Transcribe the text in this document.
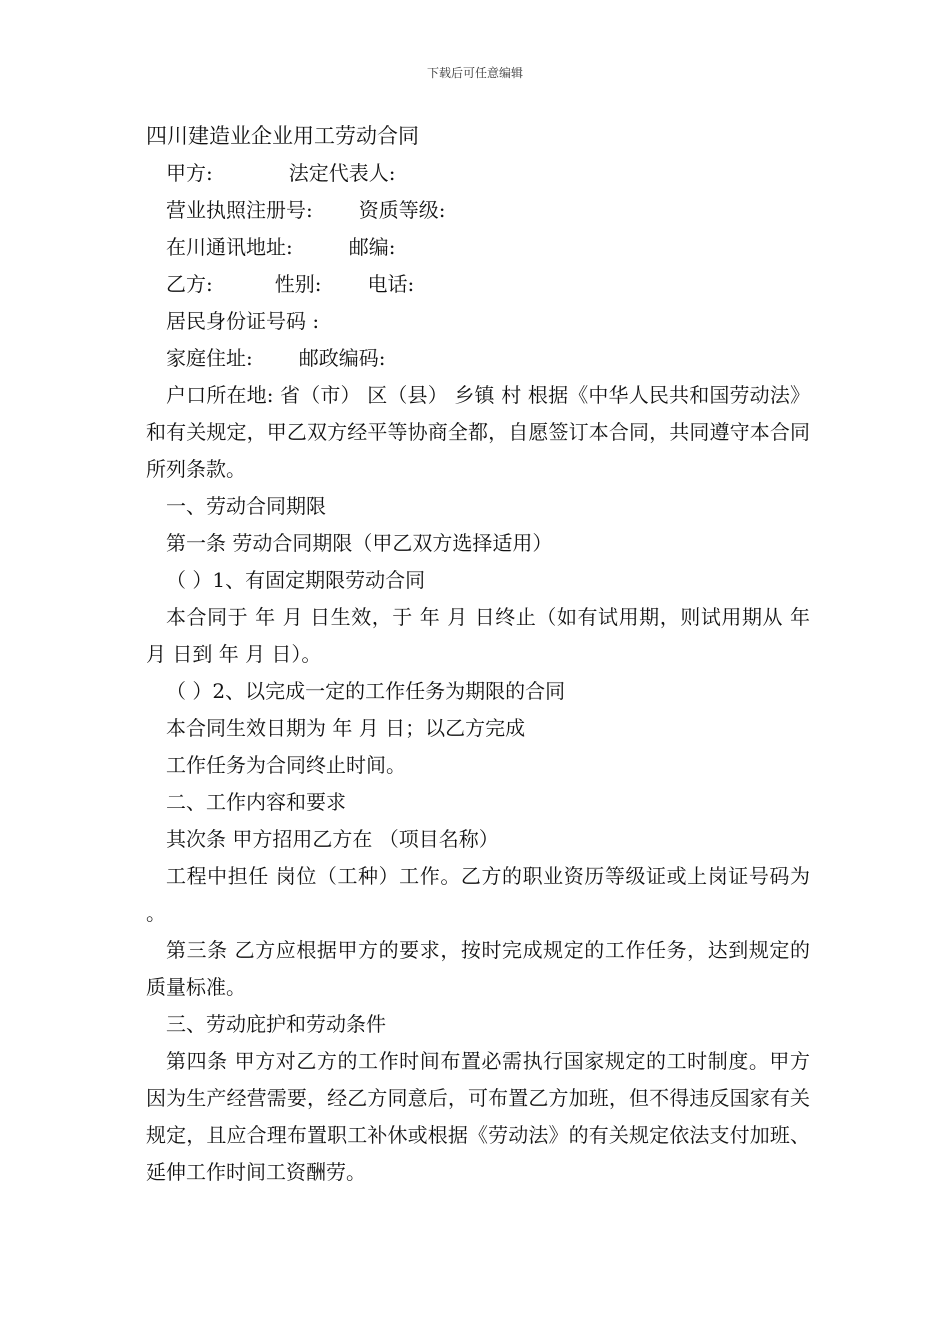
下载后可任意编辑
四川建造业企业用工劳动合同
甲方:	法定代表人:
营业执照注册号: 资质等级:
在川通讯地址:	邮编:
乙方:	性别: 电话:
居民身份证号码 :
家庭住址: 邮政编码:
户口所在地: 省（市） 区（县） 乡镇 村 根据《中华人民共和国劳动法》和有关规定，甲乙双方经平等协商全都，自愿签订本合同，共同遵守本合同所列条款。
一、劳动合同期限
第一条 劳动合同期限（甲乙双方选择适用）
（ ）1、有固定期限劳动合同
本合同于 年 月 日生效，于 年 月 日终止（如有试用期，则试用期从 年 月 日到 年 月 日）。
（ ）2、以完成一定的工作任务为期限的合同
本合同生效日期为 年 月 日；以乙方完成
工作任务为合同终止时间。
二、工作内容和要求
其次条 甲方招用乙方在 （项目名称）
工程中担任 岗位（工种）工作。乙方的职业资历等级证或上岗证号码为 。
第三条 乙方应根据甲方的要求，按时完成规定的工作任务，达到规定的质量标准。
三、劳动庇护和劳动条件
第四条 甲方对乙方的工作时间布置必需执行国家规定的工时制度。甲方因为生产经营需要，经乙方同意后，可布置乙方加班，但不得违反国家有关规定，且应合理布置职工补休或根据《劳动法》的有关规定依法支付加班、延伸工作时间工资酬劳。
